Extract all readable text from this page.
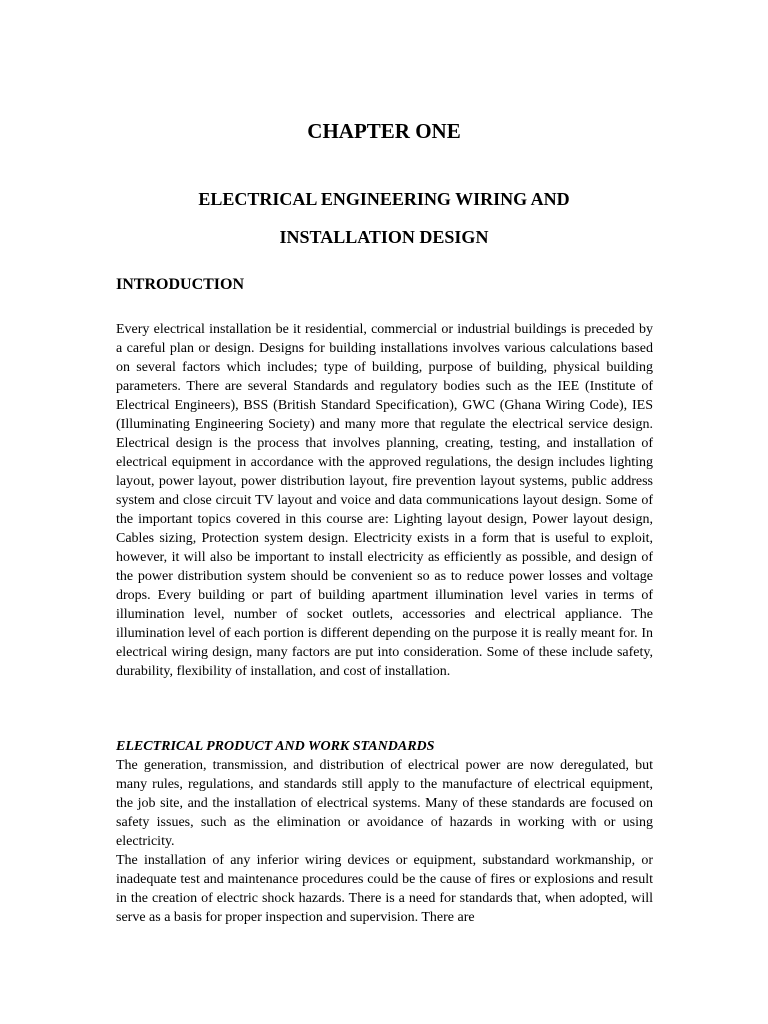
CHAPTER ONE
ELECTRICAL ENGINEERING WIRING AND
INSTALLATION DESIGN
INTRODUCTION

Every electrical installation be it residential, commercial or industrial buildings is preceded by a careful plan or design. Designs for building installations involves various calculations based on several factors which includes; type of building, purpose of building, physical building parameters. There are several Standards and regulatory bodies such as the IEE (Institute of Electrical Engineers), BSS (British Standard Specification), GWC (Ghana Wiring Code), IES (Illuminating Engineering Society) and many more that regulate the electrical service design. Electrical design is the process that involves planning, creating, testing, and installation of electrical equipment in accordance with the approved regulations, the design includes lighting layout, power layout, power distribution layout, fire prevention layout systems, public address system and close circuit TV layout and voice and data communications layout design. Some of the important topics covered in this course are: Lighting layout design, Power layout design, Cables sizing, Protection system design. Electricity exists in a form that is useful to exploit, however, it will also be important to install electricity as efficiently as possible, and design of the power distribution system should be convenient so as to reduce power losses and voltage drops. Every building or part of building apartment illumination level varies in terms of illumination level, number of socket outlets, accessories and electrical appliance. The illumination level of each portion is different depending on the purpose it is really meant for. In electrical wiring design, many factors are put into consideration. Some of these include safety, durability, flexibility of installation, and cost of installation.

ELECTRICAL PRODUCT AND WORK STANDARDS

The generation, transmission, and distribution of electrical power are now deregulated, but many rules, regulations, and standards still apply to the manufacture of electrical equipment, the job site, and the installation of electrical systems. Many of these standards are focused on safety issues, such as the elimination or avoidance of hazards in working with or using electricity.

The installation of any inferior wiring devices or equipment, substandard workmanship, or inadequate test and maintenance procedures could be the cause of fires or explosions and result in the creation of electric shock hazards. There is a need for standards that, when adopted, will serve as a basis for proper inspection and supervision. There are
